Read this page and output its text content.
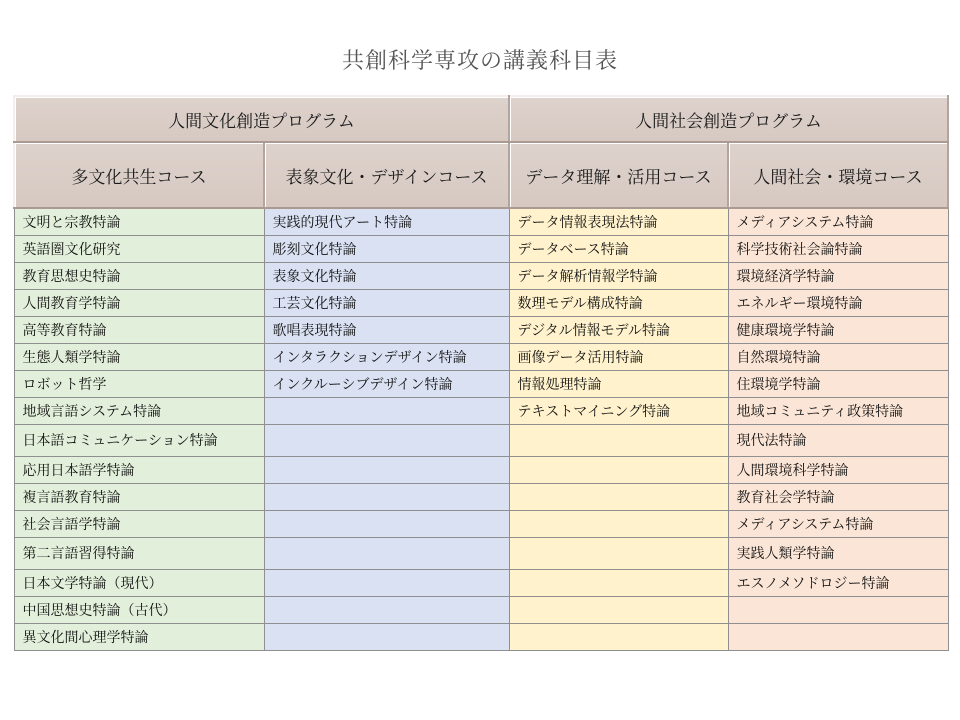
共創科学専攻の講義科目表
人間文化創造プログラム		人間社会創造プログラム	
多文化共生コース	表象文化・デザインコース	データ理解・活用コース	人間社会・環境コース
文明と宗教特論	実践的現代アート特論	データ情報表現法特論	メディアシステム特論
英語圏文化研究	彫刻文化特論	データベース特論	科学技術社会論特論
教育思想史特論	表象文化特論	データ解析情報学特論	環境経済学特論
人間教育学特論	工芸文化特論	数理モデル構成特論	エネルギー環境特論
高等教育特論	歌唱表現特論	デジタル情報モデル特論	健康環境学特論
生態人類学特論	インタラクションデザイン特論	画像データ活用特論	自然環境特論
ロボット哲学	インクルーシブデザイン特論	情報処理特論	住環境学特論
地域言語システム特論		テキストマイニング特論	地域コミュニティ政策特論
日本語コミュニケーション特論			現代法特論
応用日本語学特論			人間環境科学特論
複言語教育特論			教育社会学特論
社会言語学特論			メディアシステム特論
第二言語習得特論			実践人類学特論
日本文学特論（現代）			エスノメソドロジー特論
中国思想史特論（古代）			
異文化間心理学特論			
